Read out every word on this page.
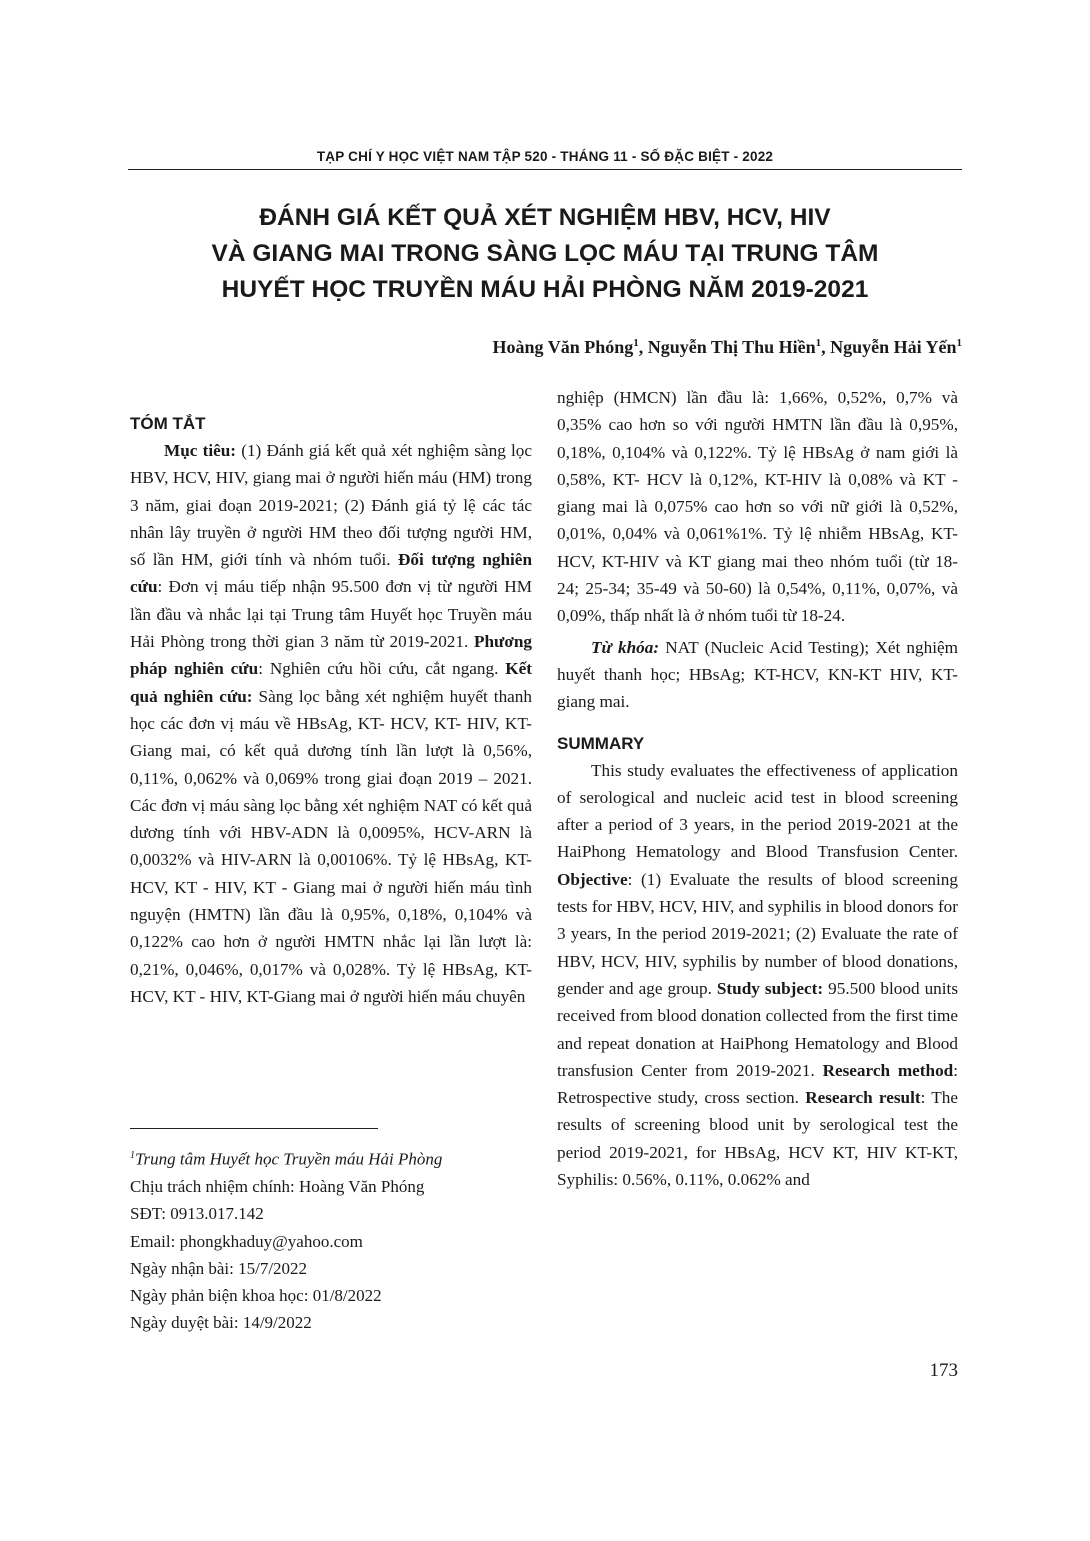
TẠP CHÍ Y HỌC VIỆT NAM TẬP 520 - THÁNG 11 - SỐ ĐẶC BIỆT - 2022
ĐÁNH GIÁ KẾT QUẢ XÉT NGHIỆM HBV, HCV, HIV
VÀ GIANG MAI TRONG SÀNG LỌC MÁU TẠI TRUNG TÂM
HUYẾT HỌC TRUYỀN MÁU HẢI PHÒNG NĂM 2019-2021
Hoàng Văn Phóng$^1$, Nguyễn Thị Thu Hiền$^1$, Nguyễn Hải Yến$^1$
TÓM TẮT

Mục tiêu: (1) Đánh giá kết quả xét nghiệm sàng lọc HBV, HCV, HIV, giang mai ở người hiến máu (HM) trong 3 năm, giai đoạn 2019-2021; (2) Đánh giá tỷ lệ các tác nhân lây truyền ở người HM theo đối tượng người HM, số lần HM, giới tính và nhóm tuổi. Đối tượng nghiên cứu: Đơn vị máu tiếp nhận 95.500 đơn vị từ người HM lần đầu và nhắc lại tại Trung tâm Huyết học Truyền máu Hải Phòng trong thời gian 3 năm từ 2019-2021. Phương pháp nghiên cứu: Nghiên cứu hồi cứu, cắt ngang. Kết quả nghiên cứu: Sàng lọc bằng xét nghiệm huyết thanh học các đơn vị máu về HBsAg, KT- HCV, KT- HIV, KT-Giang mai, có kết quả dương tính lần lượt là 0,56%, 0,11%, 0,062% và 0,069% trong giai đoạn 2019 – 2021. Các đơn vị máu sàng lọc bằng xét nghiệm NAT có kết quả dương tính với HBV-ADN là 0,0095%, HCV-ARN là 0,0032% và HIV-ARN là 0,00106%. Tỷ lệ HBsAg, KT-HCV, KT - HIV, KT - Giang mai ở người hiến máu tình nguyện (HMTN) lần đầu là 0,95%, 0,18%, 0,104% và 0,122% cao hơn ở người HMTN nhắc lại lần lượt là: 0,21%, 0,046%, 0,017% và 0,028%. Tỷ lệ HBsAg, KT- HCV, KT - HIV, KT-Giang mai ở người hiến máu chuyên

$^1$Trung tâm Huyết học Truyền máu Hải Phòng
Chịu trách nhiệm chính: Hoàng Văn Phóng
SĐT: 0913.017.142
Email: phongkhaduy@yahoo.com
Ngày nhận bài: 15/7/2022
Ngày phản biện khoa học: 01/8/2022
Ngày duyệt bài: 14/9/2022

nghiệp (HMCN) lần đầu là: 1,66%, 0,52%, 0,7% và 0,35% cao hơn so với người HMTN lần đầu là 0,95%, 0,18%, 0,104% và 0,122%. Tỷ lệ HBsAg ở nam giới là 0,58%, KT- HCV là 0,12%, KT-HIV là 0,08% và KT - giang mai là 0,075% cao hơn so với nữ giới là 0,52%, 0,01%, 0,04% và 0,061%1%. Tỷ lệ nhiễm HBsAg, KT- HCV, KT-HIV và KT giang mai theo nhóm tuổi (từ 18-24; 25-34; 35-49 và 50-60) là 0,54%, 0,11%, 0,07%, và 0,09%, thấp nhất là ở nhóm tuổi từ 18-24.

Từ khóa: NAT (Nucleic Acid Testing); Xét nghiệm huyết thanh học; HBsAg; KT-HCV, KN-KT HIV, KT-giang mai.

SUMMARY

This study evaluates the effectiveness of application of serological and nucleic acid test in blood screening after a period of 3 years, in the period 2019-2021 at the HaiPhong Hematology and Blood Transfusion Center. Objective: (1) Evaluate the results of blood screening tests for HBV, HCV, HIV, and syphilis in blood donors for 3 years, In the period 2019-2021; (2) Evaluate the rate of HBV, HCV, HIV, syphilis by number of blood donations, gender and age group. Study subject: 95.500 blood units received from blood donation collected from the first time and repeat donation at HaiPhong Hematology and Blood transfusion Center from 2019-2021. Research method: Retrospective study, cross section. Research result: The results of screening blood unit by serological test the period 2019-2021, for HBsAg, HCV KT, HIV KT-KT, Syphilis: 0.56%, 0.11%, 0.062% and

173
